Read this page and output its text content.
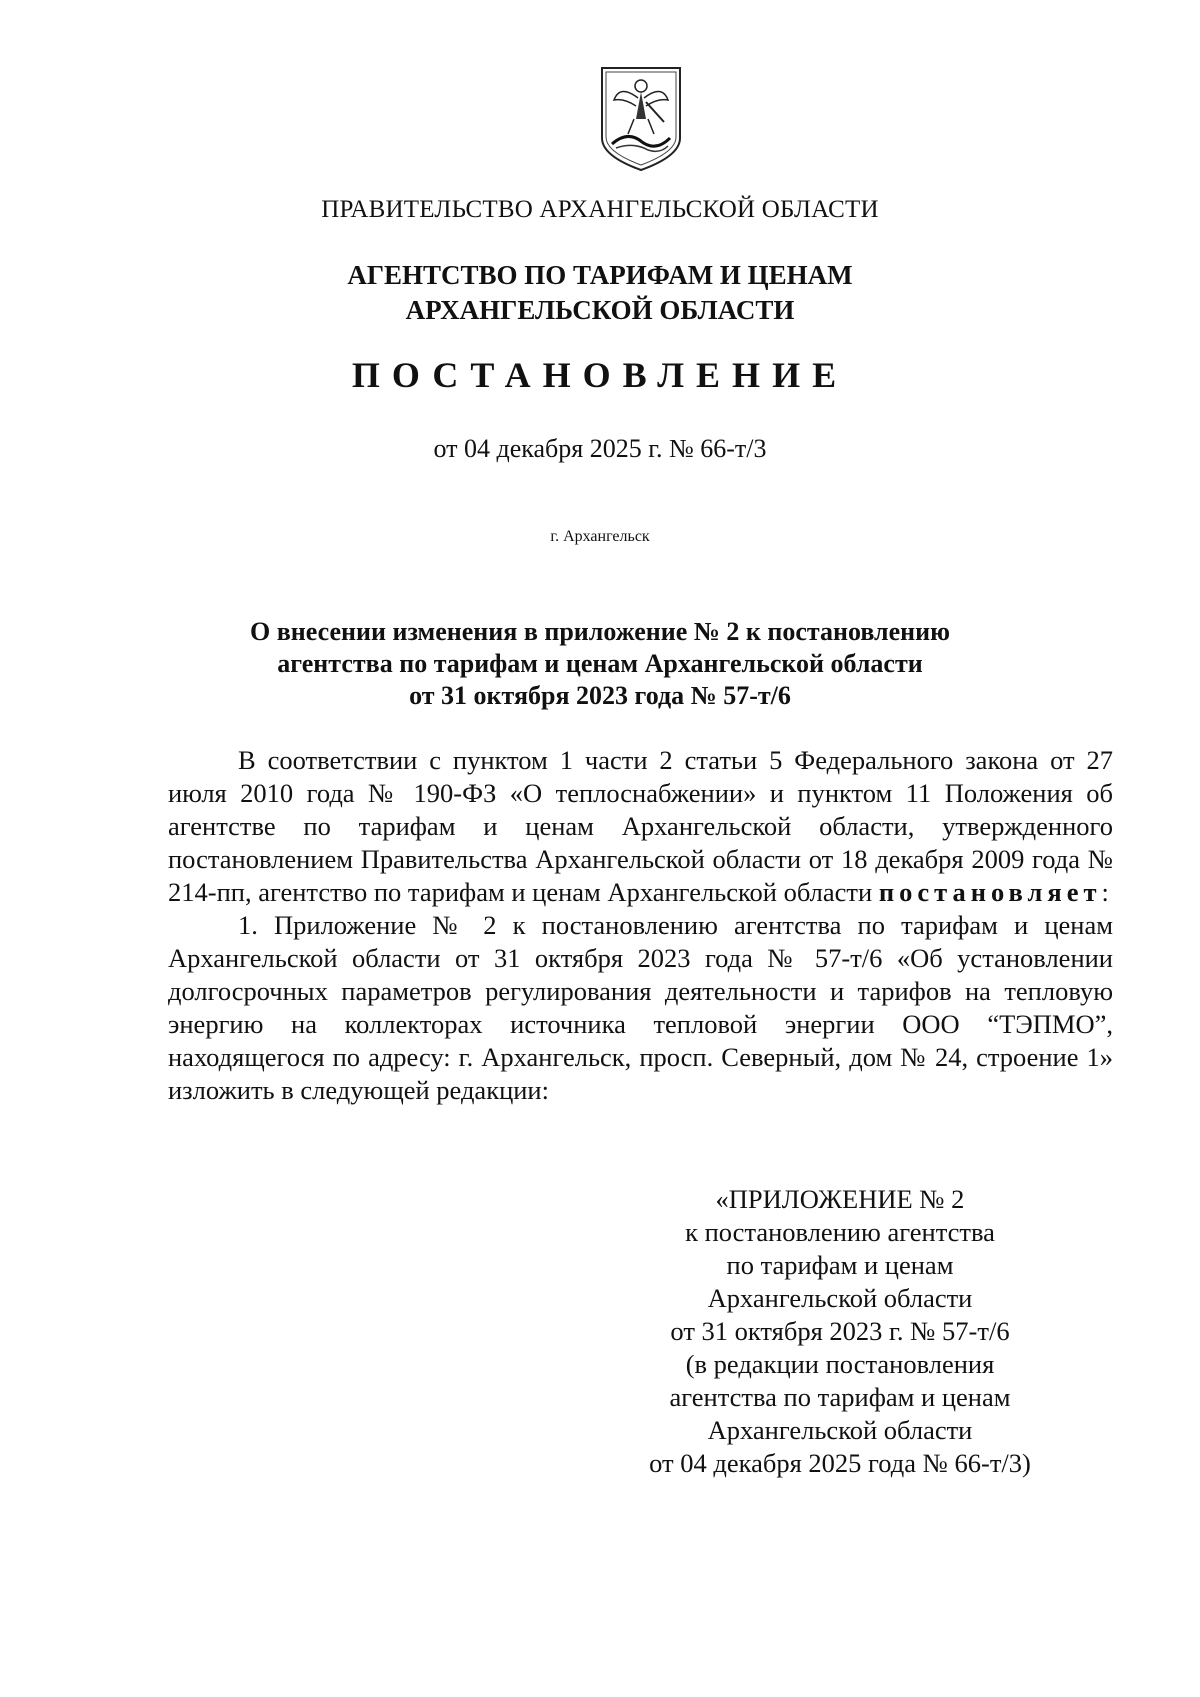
ПРАВИТЕЛЬСТВО АРХАНГЕЛЬСКОЙ ОБЛАСТИ
АГЕНТСТВО ПО ТАРИФАМ И ЦЕНАМ
АРХАНГЕЛЬСКОЙ ОБЛАСТИ
ПОСТАНОВЛЕНИЕ
от 04 декабря 2025 г. № 66-т/3
г. Архангельск
О внесении изменения в приложение № 2 к постановлению
агентства по тарифам и ценам Архангельской области
от 31 октября 2023 года № 57-т/6

В соответствии с пунктом 1 части 2 статьи 5 Федерального закона от 27 июля 2010 года № 190-ФЗ «О теплоснабжении» и пунктом 11 Положения об агентстве по тарифам и ценам Архангельской области, утвержденного постановлением Правительства Архангельской области от 18 декабря 2009 года № 214-пп, агентство по тарифам и ценам Архангельской области постановляет:

1. Приложение № 2 к постановлению агентства по тарифам и ценам Архангельской области от 31 октября 2023 года № 57-т/6 «Об установлении долгосрочных параметров регулирования деятельности и тарифов на тепловую энергию на коллекторах источника тепловой энергии ООО “ТЭПМО”, находящегося по адресу: г. Архангельск, просп. Северный, дом № 24, строение 1» изложить в следующей редакции:

«ПРИЛОЖЕНИЕ № 2
к постановлению агентства
по тарифам и ценам
Архангельской области
от 31 октября 2023 г. № 57-т/6
(в редакции постановления
агентства по тарифам и ценам
Архангельской области
от 04 декабря 2025 года № 66-т/3)
